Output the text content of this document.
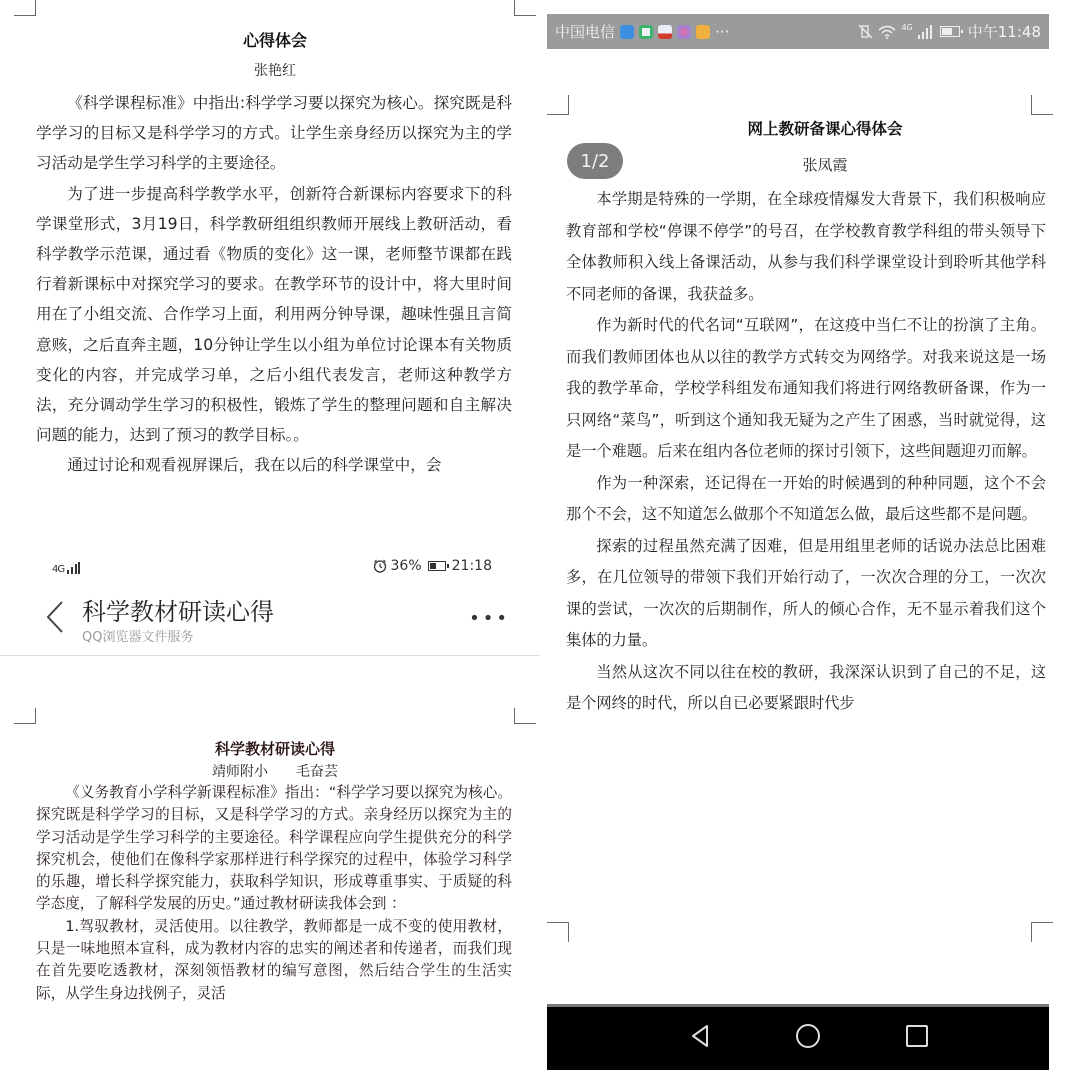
心得体会
张艳红

《科学课程标准》中指出:科学学习要以探究为核心。探究既是科学学习的目标又是科学学习的方式。让学生亲身经历以探究为主的学习活动是学生学习科学的主要途径。

为了进一步提高科学教学水平，创新符合新课标内容要求下的科学课堂形式，3月19日，科学教研组组织教师开展线上教研活动，看科学教学示范课，通过看《物质的变化》这一课，老师整节课都在践行着新课标中对探究学习的要求。在教学环节的设计中，将大里时间用在了小组交流、合作学习上面，利用两分钟导课，趣味性强且言简意赅，之后直奔主题，10分钟让学生以小组为单位讨论课本有关物质变化的内容，并完成学习单，之后小组代表发言，老师这种教学方法，充分调动学生学习的积极性，锻炼了学生的整理问题和自主解决问题的能力，达到了预习的教学目标。。

通过讨论和观看视屏课后，我在以后的科学课堂中，会

4G	36% 21:18
科学教材研读心得
QQ浏览器文件服务
•••
科学教材研读心得
靖师附小　　毛奋芸

《义务教育小学科学新课程标准》指出：“科学学习要以探究为核心。探究既是科学学习的目标，又是科学学习的方式。亲身经历以探究为主的学习活动是学生学习科学的主要途径。科学课程应向学生提供充分的科学探究机会，使他们在像科学家那样进行科学探究的过程中，体验学习科学的乐趣，增长科学探究能力，获取科学知识，形成尊重事实、于质疑的科学态度，了解科学发展的历史。”通过教材研读我体会到 ：

1.驾驭教材，灵活使用。以往教学，教师都是一成不变的使用教材，只是一味地照本宣科，成为教材内容的忠实的阐述者和传递者，而我们现在首先要吃透教材，深刻领悟教材的编写意图，然后结合学生的生活实际，从学生身边找例子，灵活

中国电信	···	4G	中午11:48
1/2
网上教研备课心得体会
张凤霞

本学期是特殊的一学期，在全球疫情爆发大背景下，我们积极响应教育部和学校“停课不停学”的号召，在学校教育教学科组的带头领导下全体教师积入线上备课活动，从参与我们科学课堂设计到聆听其他学科不同老师的备课，我获益多。

作为新时代的代名词“互联网”，在这疫中当仁不让的扮演了主角。而我们教师团体也从以往的教学方式转交为网络学。对我来说这是一场我的教学革命，学校学科组发布通知我们将进行网络教研备课，作为一只网络“菜鸟”，听到这个通知我无疑为之产生了困惑，当时就觉得，这是一个难题。后来在组内各位老师的探讨引领下，这些间题迎刃而解。

作为一种深索，还记得在一开始的时候遇到的种种同题，这个不会那个不会，这不知道怎么做那个不知道怎么做，最后这些都不是问题。

探索的过程虽然充满了因难，但是用组里老师的话说办法总比困难多，在几位领导的带领下我们开始行动了，一次次合理的分工，一次次课的尝试，一次次的后期制作，所人的倾心合作，无不显示着我们这个集体的力量。

当然从这次不同以往在校的教研，我深深认识到了自己的不足，这是个网终的时代，所以自已必要紧跟时代步
